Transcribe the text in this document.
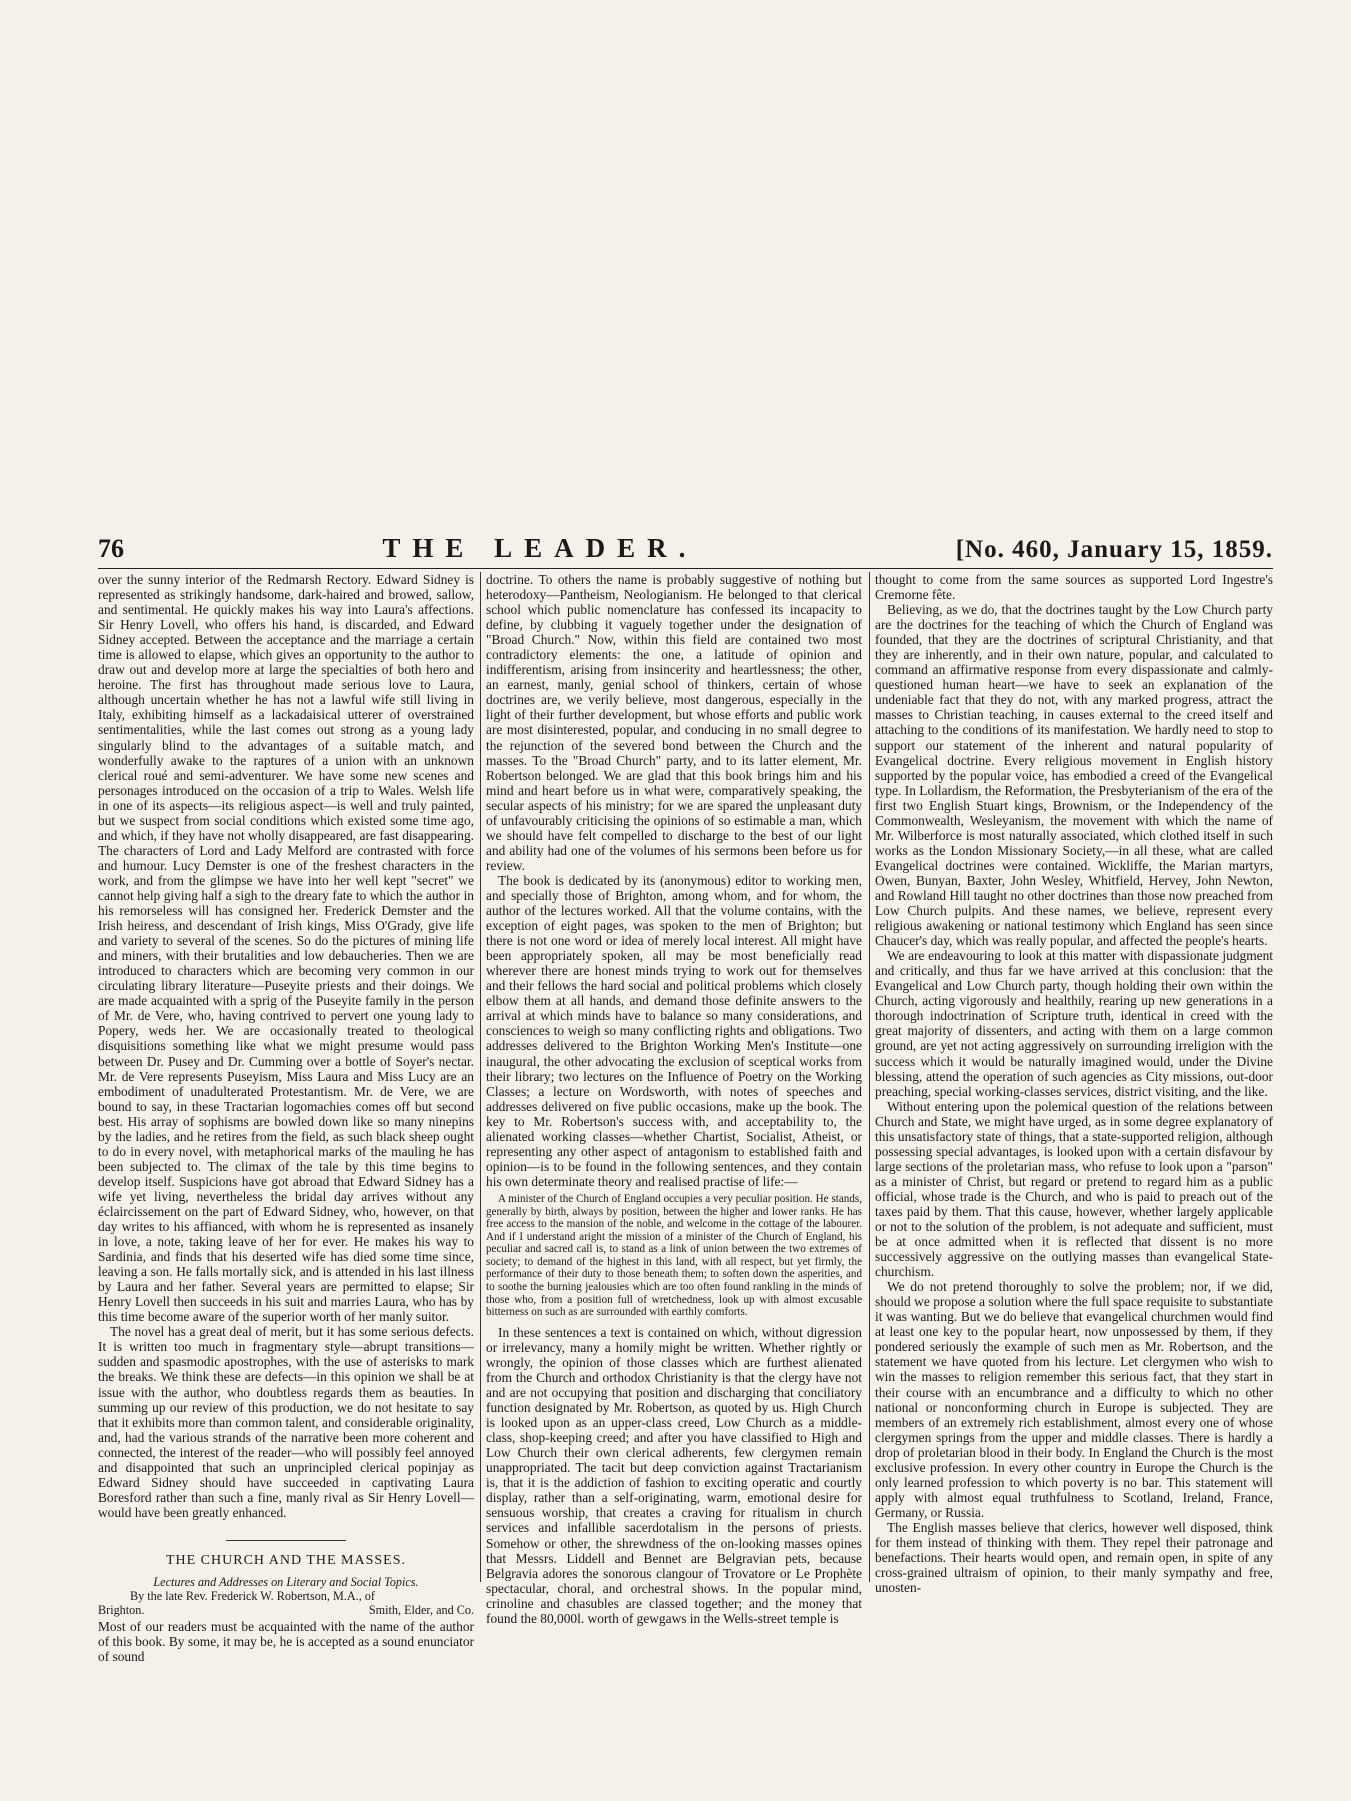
76	THE LEADER.	[No. 460, January 15, 1859.

over the sunny interior of the Redmarsh Rectory. Edward Sidney is represented as strikingly handsome, dark-haired and browed, sallow, and sentimental. He quickly makes his way into Laura's affections. Sir Henry Lovell, who offers his hand, is discarded, and Edward Sidney accepted. Between the acceptance and the marriage a certain time is allowed to elapse, which gives an opportunity to the author to draw out and develop more at large the specialties of both hero and heroine. The first has throughout made serious love to Laura, although uncertain whether he has not a lawful wife still living in Italy, exhibiting himself as a lackadaisical utterer of overstrained sentimentalities, while the last comes out strong as a young lady singularly blind to the advantages of a suitable match, and wonderfully awake to the raptures of a union with an unknown clerical roué and semi-adventurer. We have some new scenes and personages introduced on the occasion of a trip to Wales. Welsh life in one of its aspects—its religious aspect—is well and truly painted, but we suspect from social conditions which existed some time ago, and which, if they have not wholly disappeared, are fast disappearing. The characters of Lord and Lady Melford are contrasted with force and humour. Lucy Demster is one of the freshest characters in the work, and from the glimpse we have into her well kept "secret" we cannot help giving half a sigh to the dreary fate to which the author in his remorseless will has consigned her. Frederick Demster and the Irish heiress, and descendant of Irish kings, Miss O'Grady, give life and variety to several of the scenes. So do the pictures of mining life and miners, with their brutalities and low debaucheries. Then we are introduced to characters which are becoming very common in our circulating library literature—Puseyite priests and their doings. We are made acquainted with a sprig of the Puseyite family in the person of Mr. de Vere, who, having contrived to pervert one young lady to Popery, weds her. We are occasionally treated to theological disquisitions something like what we might presume would pass between Dr. Pusey and Dr. Cumming over a bottle of Soyer's nectar. Mr. de Vere represents Puseyism, Miss Laura and Miss Lucy are an embodiment of unadulterated Protestantism. Mr. de Vere, we are bound to say, in these Tractarian logomachies comes off but second best. His array of sophisms are bowled down like so many ninepins by the ladies, and he retires from the field, as such black sheep ought to do in every novel, with metaphorical marks of the mauling he has been subjected to. The climax of the tale by this time begins to develop itself. Suspicions have got abroad that Edward Sidney has a wife yet living, nevertheless the bridal day arrives without any éclaircissement on the part of Edward Sidney, who, however, on that day writes to his affianced, with whom he is represented as insanely in love, a note, taking leave of her for ever. He makes his way to Sardinia, and finds that his deserted wife has died some time since, leaving a son. He falls mortally sick, and is attended in his last illness by Laura and her father. Several years are permitted to elapse; Sir Henry Lovell then succeeds in his suit and marries Laura, who has by this time become aware of the superior worth of her manly suitor.

The novel has a great deal of merit, but it has some serious defects. It is written too much in fragmentary style—abrupt transitions—sudden and spasmodic apostrophes, with the use of asterisks to mark the breaks. We think these are defects—in this opinion we shall be at issue with the author, who doubtless regards them as beauties. In summing up our review of this production, we do not hesitate to say that it exhibits more than common talent, and considerable originality, and, had the various strands of the narrative been more coherent and connected, the interest of the reader—who will possibly feel annoyed and disappointed that such an unprincipled clerical popinjay as Edward Sidney should have succeeded in captivating Laura Boresford rather than such a fine, manly rival as Sir Henry Lovell—would have been greatly enhanced.

THE CHURCH AND THE MASSES.

Lectures and Addresses on Literary and Social Topics.

By the late Rev. Frederick W. Robertson, M.A., of

Brighton.	Smith, Elder, and Co.

Most of our readers must be acquainted with the name of the author of this book. By some, it may be, he is accepted as a sound enunciator of sound

doctrine. To others the name is probably suggestive of nothing but heterodoxy—Pantheism, Neologianism. He belonged to that clerical school which public nomenclature has confessed its incapacity to define, by clubbing it vaguely together under the designation of "Broad Church." Now, within this field are contained two most contradictory elements: the one, a latitude of opinion and indifferentism, arising from insincerity and heartlessness; the other, an earnest, manly, genial school of thinkers, certain of whose doctrines are, we verily believe, most dangerous, especially in the light of their further development, but whose efforts and public work are most disinterested, popular, and conducing in no small degree to the rejunction of the severed bond between the Church and the masses. To the "Broad Church" party, and to its latter element, Mr. Robertson belonged. We are glad that this book brings him and his mind and heart before us in what were, comparatively speaking, the secular aspects of his ministry; for we are spared the unpleasant duty of unfavourably criticising the opinions of so estimable a man, which we should have felt compelled to discharge to the best of our light and ability had one of the volumes of his sermons been before us for review.

The book is dedicated by its (anonymous) editor to working men, and specially those of Brighton, among whom, and for whom, the author of the lectures worked. All that the volume contains, with the exception of eight pages, was spoken to the men of Brighton; but there is not one word or idea of merely local interest. All might have been appropriately spoken, all may be most beneficially read wherever there are honest minds trying to work out for themselves and their fellows the hard social and political problems which closely elbow them at all hands, and demand those definite answers to the arrival at which minds have to balance so many considerations, and consciences to weigh so many conflicting rights and obligations. Two addresses delivered to the Brighton Working Men's Institute—one inaugural, the other advocating the exclusion of sceptical works from their library; two lectures on the Influence of Poetry on the Working Classes; a lecture on Wordsworth, with notes of speeches and addresses delivered on five public occasions, make up the book. The key to Mr. Robertson's success with, and acceptability to, the alienated working classes—whether Chartist, Socialist, Atheist, or representing any other aspect of antagonism to established faith and opinion—is to be found in the following sentences, and they contain his own determinate theory and realised practise of life:—

A minister of the Church of England occupies a very peculiar position. He stands, generally by birth, always by position, between the higher and lower ranks. He has free access to the mansion of the noble, and welcome in the cottage of the labourer. And if I understand aright the mission of a minister of the Church of England, his peculiar and sacred call is, to stand as a link of union between the two extremes of society; to demand of the highest in this land, with all respect, but yet firmly, the performance of their duty to those beneath them; to soften down the asperities, and to soothe the burning jealousies which are too often found rankling in the minds of those who, from a position full of wretchedness, look up with almost excusable bitterness on such as are surrounded with earthly comforts.

In these sentences a text is contained on which, without digression or irrelevancy, many a homily might be written. Whether rightly or wrongly, the opinion of those classes which are furthest alienated from the Church and orthodox Christianity is that the clergy have not and are not occupying that position and discharging that conciliatory function designated by Mr. Robertson, as quoted by us. High Church is looked upon as an upper-class creed, Low Church as a middle-class, shop-keeping creed; and after you have classified to High and Low Church their own clerical adherents, few clergymen remain unappropriated. The tacit but deep conviction against Tractarianism is, that it is the addiction of fashion to exciting operatic and courtly display, rather than a self-originating, warm, emotional desire for sensuous worship, that creates a craving for ritualism in church services and infallible sacerdotalism in the persons of priests. Somehow or other, the shrewdness of the on-looking masses opines that Messrs. Liddell and Bennet are Belgravian pets, because Belgravia adores the sonorous clangour of Trovatore or Le Prophète spectacular, choral, and orchestral shows. In the popular mind, crinoline and chasubles are classed together; and the money that found the 80,000l. worth of gewgaws in the Wells-street temple is

thought to come from the same sources as supported Lord Ingestre's Cremorne fête.

Believing, as we do, that the doctrines taught by the Low Church party are the doctrines for the teaching of which the Church of England was founded, that they are the doctrines of scriptural Christianity, and that they are inherently, and in their own nature, popular, and calculated to command an affirmative response from every dispassionate and calmly-questioned human heart—we have to seek an explanation of the undeniable fact that they do not, with any marked progress, attract the masses to Christian teaching, in causes external to the creed itself and attaching to the conditions of its manifestation. We hardly need to stop to support our statement of the inherent and natural popularity of Evangelical doctrine. Every religious movement in English history supported by the popular voice, has embodied a creed of the Evangelical type. In Lollardism, the Reformation, the Presbyterianism of the era of the first two English Stuart kings, Brownism, or the Independency of the Commonwealth, Wesleyanism, the movement with which the name of Mr. Wilberforce is most naturally associated, which clothed itself in such works as the London Missionary Society,—in all these, what are called Evangelical doctrines were contained. Wickliffe, the Marian martyrs, Owen, Bunyan, Baxter, John Wesley, Whitfield, Hervey, John Newton, and Rowland Hill taught no other doctrines than those now preached from Low Church pulpits. And these names, we believe, represent every religious awakening or national testimony which England has seen since Chaucer's day, which was really popular, and affected the people's hearts.

We are endeavouring to look at this matter with dispassionate judgment and critically, and thus far we have arrived at this conclusion: that the Evangelical and Low Church party, though holding their own within the Church, acting vigorously and healthily, rearing up new generations in a thorough indoctrination of Scripture truth, identical in creed with the great majority of dissenters, and acting with them on a large common ground, are yet not acting aggressively on surrounding irreligion with the success which it would be naturally imagined would, under the Divine blessing, attend the operation of such agencies as City missions, out-door preaching, special working-classes services, district visiting, and the like.

Without entering upon the polemical question of the relations between Church and State, we might have urged, as in some degree explanatory of this unsatisfactory state of things, that a state-supported religion, although possessing special advantages, is looked upon with a certain disfavour by large sections of the proletarian mass, who refuse to look upon a "parson" as a minister of Christ, but regard or pretend to regard him as a public official, whose trade is the Church, and who is paid to preach out of the taxes paid by them. That this cause, however, whether largely applicable or not to the solution of the problem, is not adequate and sufficient, must be at once admitted when it is reflected that dissent is no more successively aggressive on the outlying masses than evangelical State-churchism.

We do not pretend thoroughly to solve the problem; nor, if we did, should we propose a solution where the full space requisite to substantiate it was wanting. But we do believe that evangelical churchmen would find at least one key to the popular heart, now unpossessed by them, if they pondered seriously the example of such men as Mr. Robertson, and the statement we have quoted from his lecture. Let clergymen who wish to win the masses to religion remember this serious fact, that they start in their course with an encumbrance and a difficulty to which no other national or nonconforming church in Europe is subjected. They are members of an extremely rich establishment, almost every one of whose clergymen springs from the upper and middle classes. There is hardly a drop of proletarian blood in their body. In England the Church is the most exclusive profession. In every other country in Europe the Church is the only learned profession to which poverty is no bar. This statement will apply with almost equal truthfulness to Scotland, Ireland, France, Germany, or Russia.

The English masses believe that clerics, however well disposed, think for them instead of thinking with them. They repel their patronage and benefactions. Their hearts would open, and remain open, in spite of any cross-grained ultraism of opinion, to their manly sympathy and free, unosten-
